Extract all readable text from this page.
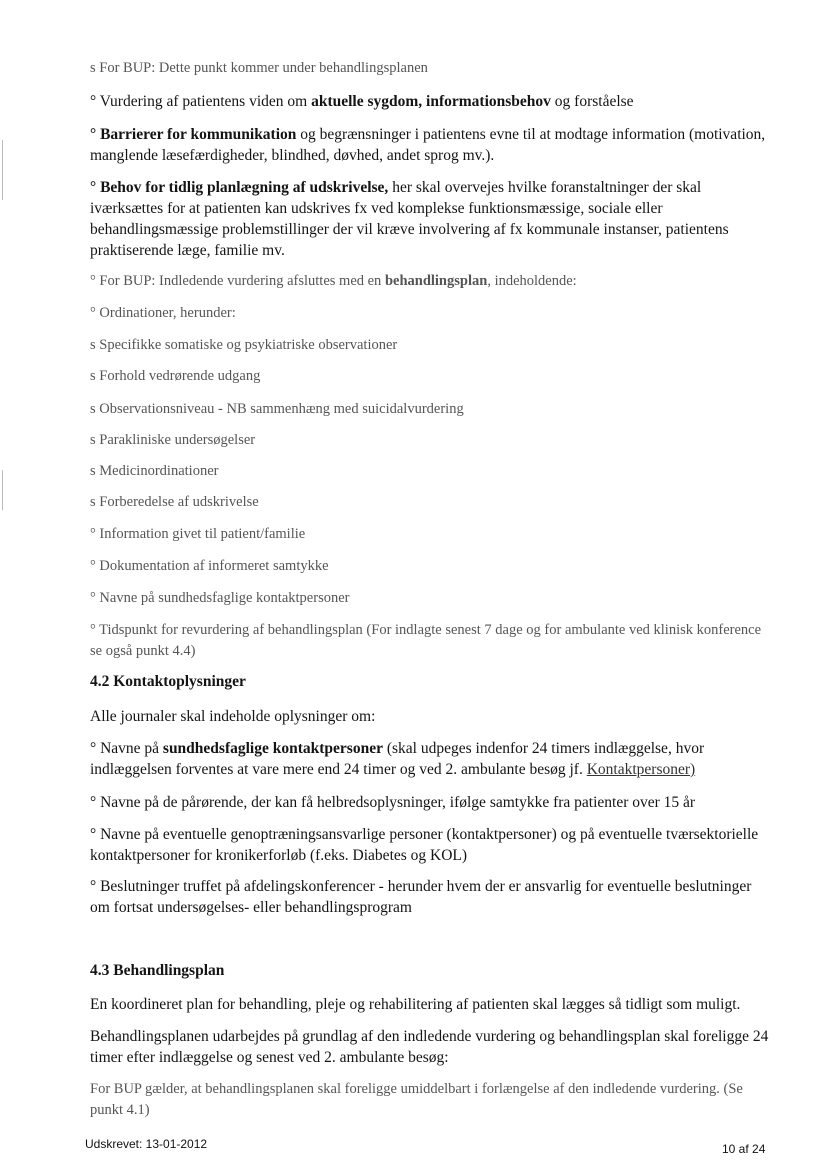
s For BUP: Dette punkt kommer under behandlingsplanen
° Vurdering af patientens viden om aktuelle sygdom, informationsbehov og forståelse
° Barrierer for kommunikation og begrænsninger i patientens evne til at modtage information (motivation, manglende læsefærdigheder, blindhed, døvhed, andet sprog mv.).
° Behov for tidlig planlægning af udskrivelse, her skal overvejes hvilke foranstaltninger der skal iværksættes for at patienten kan udskrives fx ved komplekse funktionsmæssige, sociale eller behandlingsmæssige problemstillinger der vil kræve involvering af fx kommunale instanser, patientens praktiserende læge, familie mv.
° For BUP: Indledende vurdering afsluttes med en behandlingsplan, indeholdende:
° Ordinationer, herunder:
s Specifikke somatiske og psykiatriske observationer
s Forhold vedrørende udgang
s Observationsniveau - NB sammenhæng med suicidalvurdering
s Parakliniske undersøgelser
s Medicinordinationer
s Forberedelse af udskrivelse
° Information givet til patient/familie
° Dokumentation af informeret samtykke
° Navne på sundhedsfaglige kontaktpersoner
° Tidspunkt for revurdering af behandlingsplan (For indlagte senest 7 dage og for ambulante ved klinisk konference se også punkt 4.4)
4.2 Kontaktoplysninger
Alle journaler skal indeholde oplysninger om:
° Navne på sundhedsfaglige kontaktpersoner (skal udpeges indenfor 24 timers indlæggelse, hvor indlæggelsen forventes at vare mere end 24 timer og ved 2. ambulante besøg jf. Kontaktpersoner)
° Navne på de pårørende, der kan få helbredsoplysninger, ifølge samtykke fra patienter over 15 år
° Navne på eventuelle genoptræningsansvarlige personer (kontaktpersoner) og på eventuelle tværsektorielle kontaktpersoner for kronikerforløb (f.eks. Diabetes og KOL)
° Beslutninger truffet på afdelingskonferencer - herunder hvem der er ansvarlig for eventuelle beslutninger om fortsat undersøgelses- eller behandlingsprogram
4.3 Behandlingsplan
En koordineret plan for behandling, pleje og rehabilitering af patienten skal lægges så tidligt som muligt.
Behandlingsplanen udarbejdes på grundlag af den indledende vurdering og behandlingsplan skal foreligge 24 timer efter indlæggelse og senest ved 2. ambulante besøg:
For BUP gælder, at behandlingsplanen skal foreligge umiddelbart i forlængelse af den indledende vurdering. (Se punkt 4.1)
Udskrevet: 13-01-2012	10 af 24
